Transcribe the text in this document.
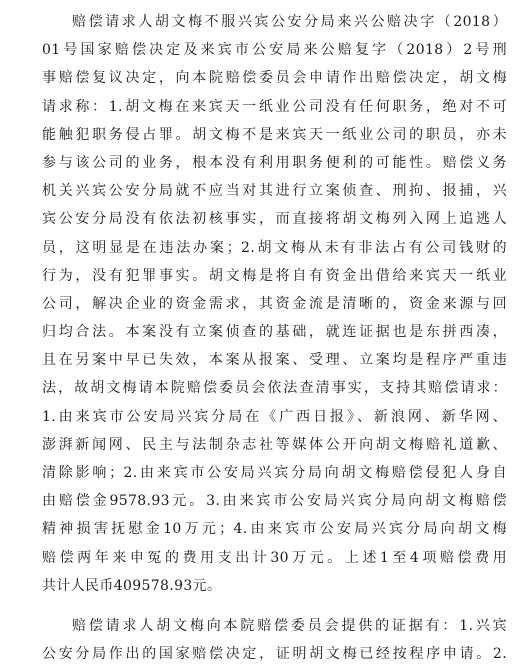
赔偿请求人胡文梅不服兴宾公安分局来兴公赔决字（2018）
01号国家赔偿决定及来宾市公安局来公赔复字（2018）2号刑
事赔偿复议决定，向本院赔偿委员会申请作出赔偿决定，胡文梅
请求称：1.胡文梅在来宾天一纸业公司没有任何职务，绝对不可
能触犯职务侵占罪。胡文梅不是来宾天一纸业公司的职员，亦未
参与该公司的业务，根本没有利用职务便利的可能性。赔偿义务
机关兴宾公安分局就不应当对其进行立案侦查、刑拘、报捕，兴
宾公安分局没有依法初核事实，而直接将胡文梅列入网上追逃人
员，这明显是在违法办案；2.胡文梅从未有非法占有公司钱财的
行为，没有犯罪事实。胡文梅是将自有资金出借给来宾天一纸业
公司，解决企业的资金需求，其资金流是清晰的，资金来源与回
归均合法。本案没有立案侦查的基础，就连证据也是东拼西凑，
且在另案中早已失效，本案从报案、受理、立案均是程序严重违
法，故胡文梅请本院赔偿委员会依法查清事实，支持其赔偿请求：
1.由来宾市公安局兴宾分局在《广西日报》、新浪网、新华网、
澎湃新闻网、民主与法制杂志社等媒体公开向胡文梅赔礼道歉、
清除影响；2.由来宾市公安局兴宾分局向胡文梅赔偿侵犯人身自
由赔偿金9578.93元。3.由来宾市公安局兴宾分局向胡文梅赔偿
精神损害抚慰金10万元；4.由来宾市公安局兴宾分局向胡文梅
赔偿两年来申冤的费用支出计30万元。上述1至4项赔偿费用
共计人民币409578.93元。
赔偿请求人胡文梅向本院赔偿委员会提供的证据有：1.兴宾
公安分局作出的国家赔偿决定，证明胡文梅已经按程序申请。2.
